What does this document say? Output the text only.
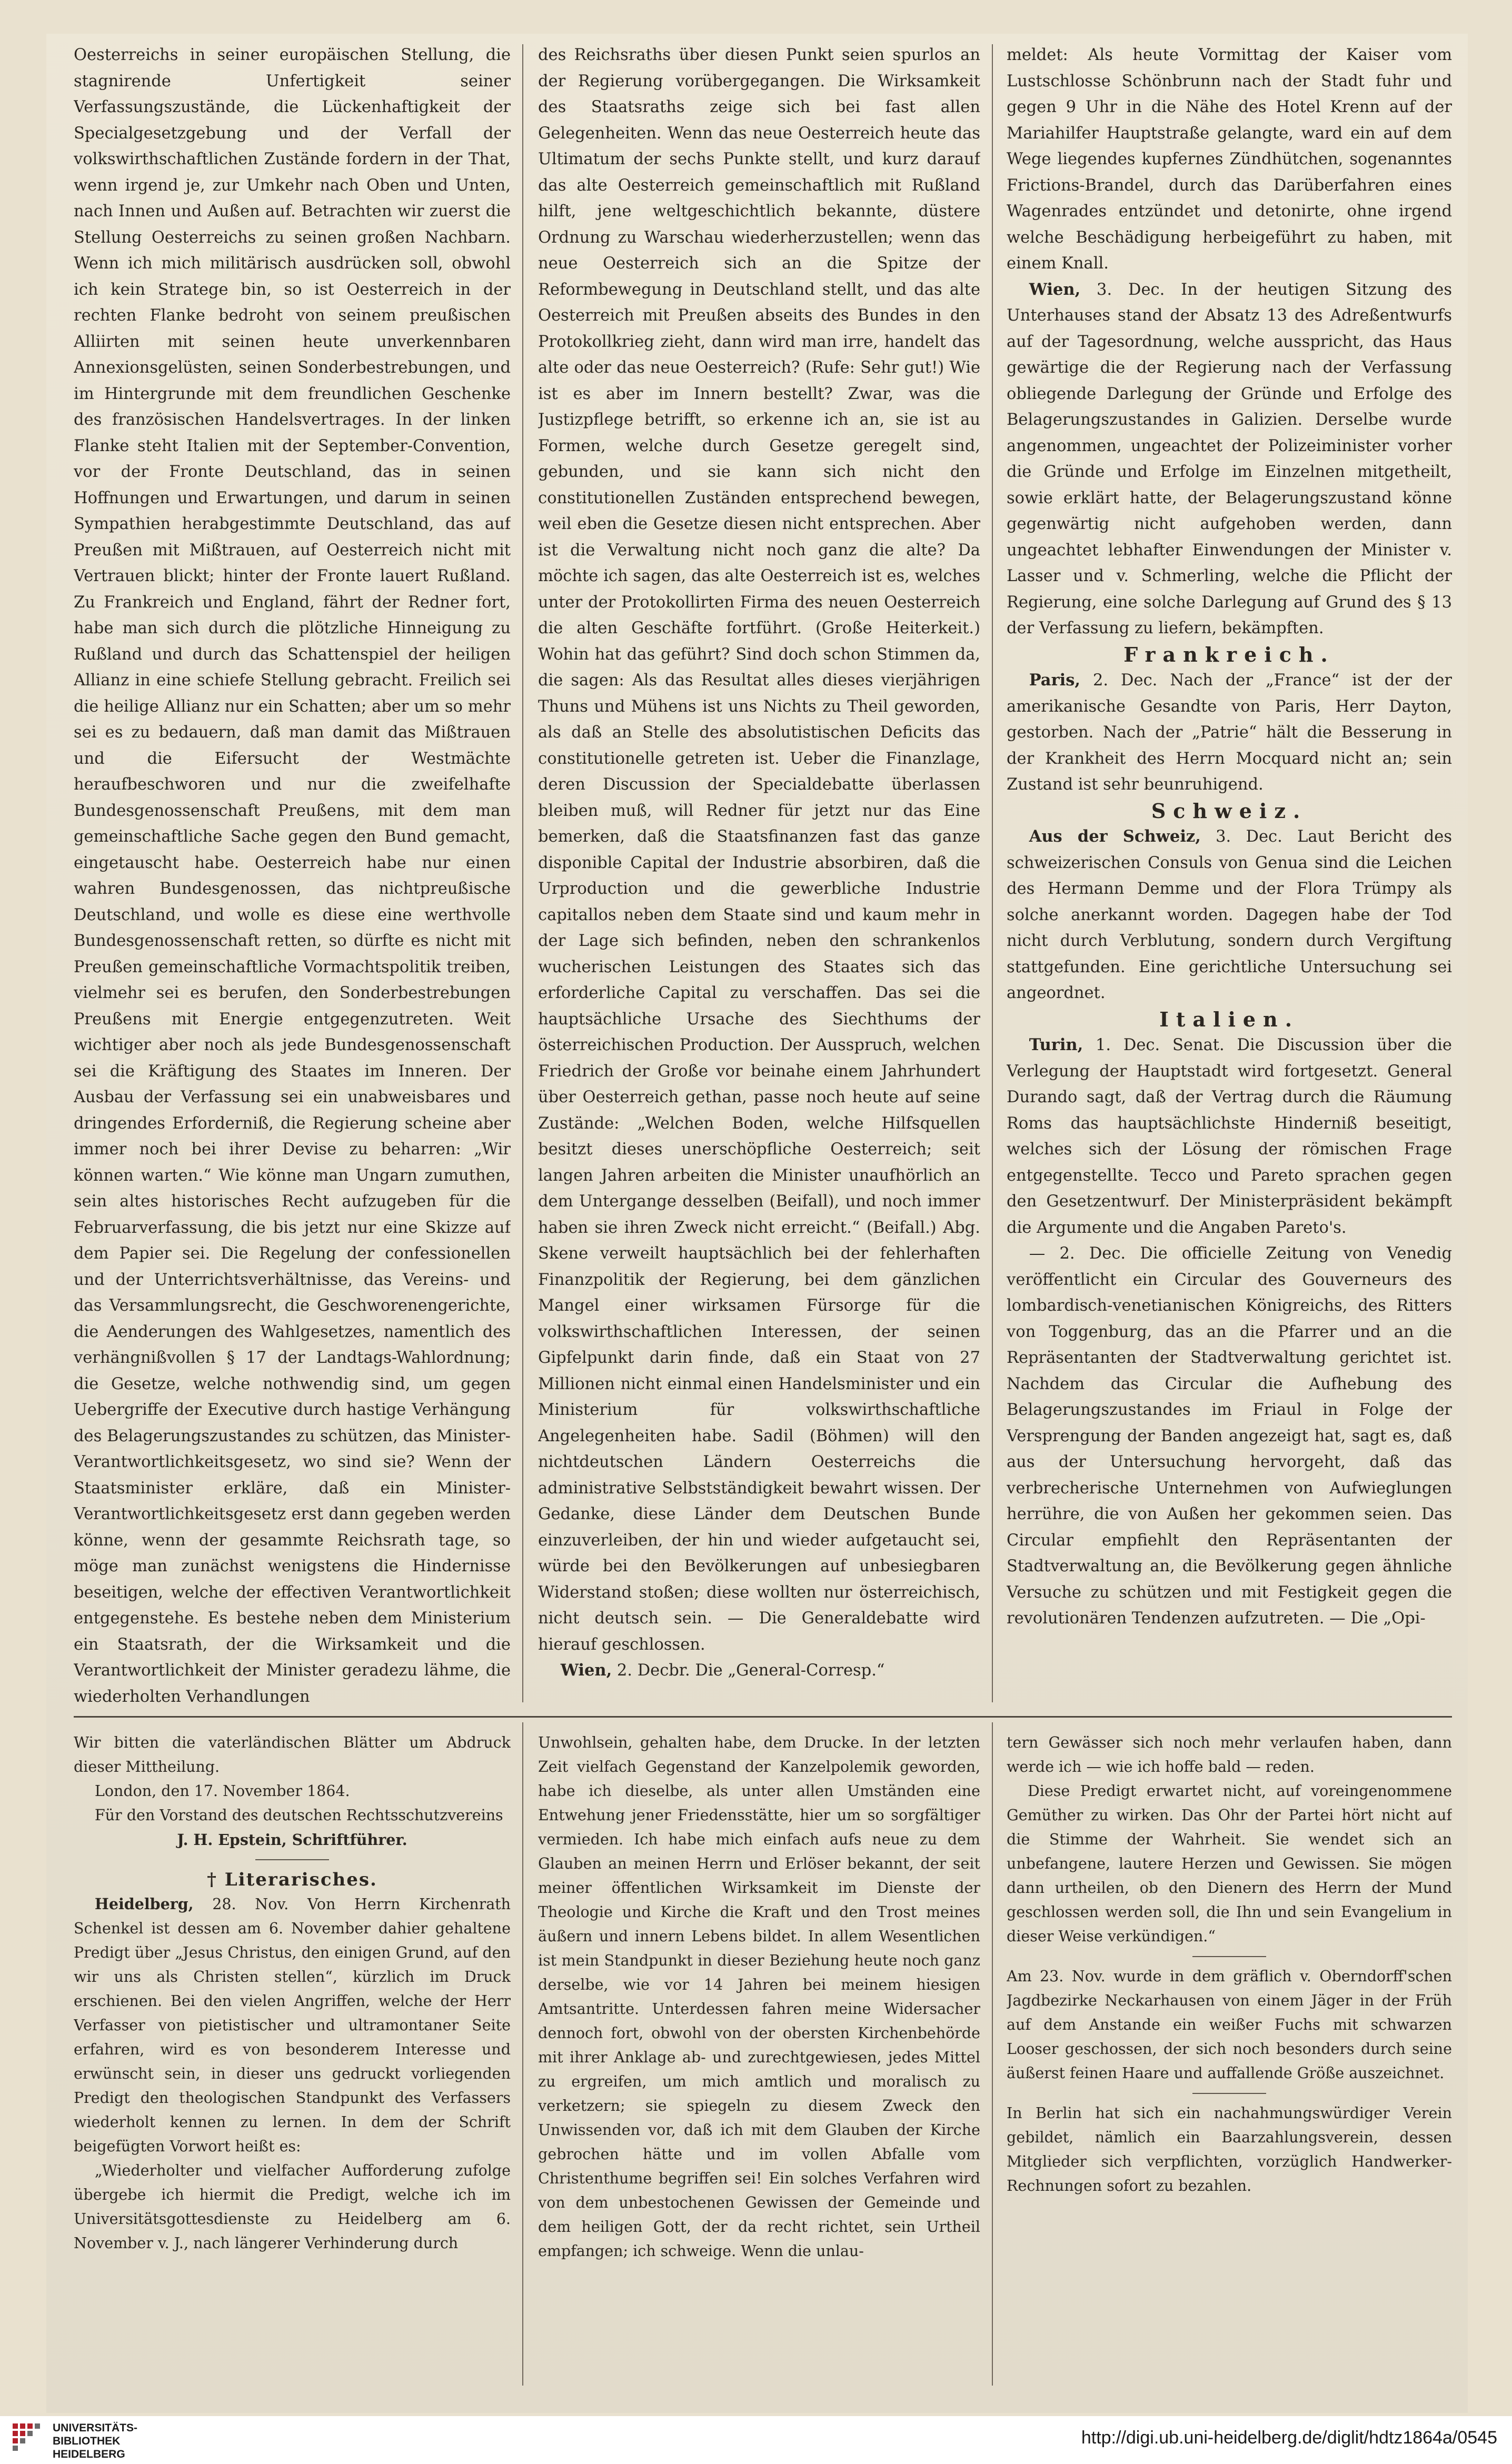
Oesterreichs in seiner europäischen Stellung, die stagnirende Unfertigkeit seiner Verfassungszustände, die Lückenhaftigkeit der Specialgesetzgebung und der Verfall der volkswirthschaftlichen Zustände fordern in der That, wenn irgend je, zur Umkehr nach Oben und Unten, nach Innen und Außen auf. Betrachten wir zuerst die Stellung Oesterreichs zu seinen großen Nachbarn. Wenn ich mich militärisch ausdrücken soll, obwohl ich kein Stratege bin, so ist Oesterreich in der rechten Flanke bedroht von seinem preußischen Alliirten mit seinen heute unverkennbaren Annexionsgelüsten, seinen Sonderbestrebungen, und im Hintergrunde mit dem freundlichen Geschenke des französischen Handelsvertrages. In der linken Flanke steht Italien mit der September-Convention, vor der Fronte Deutschland, das in seinen Hoffnungen und Erwartungen, und darum in seinen Sympathien herabgestimmte Deutschland, das auf Preußen mit Mißtrauen, auf Oesterreich nicht mit Vertrauen blickt; hinter der Fronte lauert Rußland. Zu Frankreich und England, fährt der Redner fort, habe man sich durch die plötzliche Hinneigung zu Rußland und durch das Schattenspiel der heiligen Allianz in eine schiefe Stellung gebracht. Freilich sei die heilige Allianz nur ein Schatten; aber um so mehr sei es zu bedauern, daß man damit das Mißtrauen und die Eifersucht der Westmächte heraufbeschworen und nur die zweifelhafte Bundesgenossenschaft Preußens, mit dem man gemeinschaftliche Sache gegen den Bund gemacht, eingetauscht habe. Oesterreich habe nur einen wahren Bundesgenossen, das nichtpreußische Deutschland, und wolle es diese eine werthvolle Bundesgenossenschaft retten, so dürfte es nicht mit Preußen gemeinschaftliche Vormachtspolitik treiben, vielmehr sei es berufen, den Sonderbestrebungen Preußens mit Energie entgegenzutreten. Weit wichtiger aber noch als jede Bundesgenossenschaft sei die Kräftigung des Staates im Inneren. Der Ausbau der Verfassung sei ein unabweisbares und dringendes Erforderniß, die Regierung scheine aber immer noch bei ihrer Devise zu beharren: „Wir können warten.“ Wie könne man Ungarn zumuthen, sein altes historisches Recht aufzugeben für die Februarverfassung, die bis jetzt nur eine Skizze auf dem Papier sei. Die Regelung der confessionellen und der Unterrichtsverhältnisse, das Vereins- und das Versammlungsrecht, die Geschworenengerichte, die Aenderungen des Wahlgesetzes, namentlich des verhängnißvollen § 17 der Landtags-Wahlordnung; die Gesetze, welche nothwendig sind, um gegen Uebergriffe der Executive durch hastige Verhängung des Belagerungszustandes zu schützen, das Minister-Verantwortlichkeitsgesetz, wo sind sie? Wenn der Staatsminister erkläre, daß ein Minister-Verantwortlichkeitsgesetz erst dann gegeben werden könne, wenn der gesammte Reichsrath tage, so möge man zunächst wenigstens die Hindernisse beseitigen, welche der effectiven Verantwortlichkeit entgegenstehe. Es bestehe neben dem Ministerium ein Staatsrath, der die Wirksamkeit und die Verantwortlichkeit der Minister geradezu lähme, die wiederholten Verhandlungen

des Reichsraths über diesen Punkt seien spurlos an der Regierung vorübergegangen. Die Wirksamkeit des Staatsraths zeige sich bei fast allen Gelegenheiten. Wenn das neue Oesterreich heute das Ultimatum der sechs Punkte stellt, und kurz darauf das alte Oesterreich gemeinschaftlich mit Rußland hilft, jene weltgeschichtlich bekannte, düstere Ordnung zu Warschau wiederherzustellen; wenn das neue Oesterreich sich an die Spitze der Reformbewegung in Deutschland stellt, und das alte Oesterreich mit Preußen abseits des Bundes in den Protokollkrieg zieht, dann wird man irre, handelt das alte oder das neue Oesterreich? (Rufe: Sehr gut!) Wie ist es aber im Innern bestellt? Zwar, was die Justizpflege betrifft, so erkenne ich an, sie ist au Formen, welche durch Gesetze geregelt sind, gebunden, und sie kann sich nicht den constitutionellen Zuständen entsprechend bewegen, weil eben die Gesetze diesen nicht entsprechen. Aber ist die Verwaltung nicht noch ganz die alte? Da möchte ich sagen, das alte Oesterreich ist es, welches unter der Protokollirten Firma des neuen Oesterreich die alten Geschäfte fortführt. (Große Heiterkeit.) Wohin hat das geführt? Sind doch schon Stimmen da, die sagen: Als das Resultat alles dieses vierjährigen Thuns und Mühens ist uns Nichts zu Theil geworden, als daß an Stelle des absolutistischen Deficits das constitutionelle getreten ist. Ueber die Finanzlage, deren Discussion der Specialdebatte überlassen bleiben muß, will Redner für jetzt nur das Eine bemerken, daß die Staatsfinanzen fast das ganze disponible Capital der Industrie absorbiren, daß die Urproduction und die gewerbliche Industrie capitallos neben dem Staate sind und kaum mehr in der Lage sich befinden, neben den schrankenlos wucherischen Leistungen des Staates sich das erforderliche Capital zu verschaffen. Das sei die hauptsächliche Ursache des Siechthums der österreichischen Production. Der Ausspruch, welchen Friedrich der Große vor beinahe einem Jahrhundert über Oesterreich gethan, passe noch heute auf seine Zustände: „Welchen Boden, welche Hilfsquellen besitzt dieses unerschöpfliche Oesterreich; seit langen Jahren arbeiten die Minister unaufhörlich an dem Untergange desselben (Beifall), und noch immer haben sie ihren Zweck nicht erreicht.“ (Beifall.) Abg. Skene verweilt hauptsächlich bei der fehlerhaften Finanzpolitik der Regierung, bei dem gänzlichen Mangel einer wirksamen Fürsorge für die volkswirthschaftlichen Interessen, der seinen Gipfelpunkt darin finde, daß ein Staat von 27 Millionen nicht einmal einen Handelsminister und ein Ministerium für volkswirthschaftliche Angelegenheiten habe. Sadil (Böhmen) will den nichtdeutschen Ländern Oesterreichs die administrative Selbstständigkeit bewahrt wissen. Der Gedanke, diese Länder dem Deutschen Bunde einzuverleiben, der hin und wieder aufgetaucht sei, würde bei den Bevölkerungen auf unbesiegbaren Widerstand stoßen; diese wollten nur österreichisch, nicht deutsch sein. — Die Generaldebatte wird hierauf geschlossen.

Wien, 2. Decbr. Die „General-Corresp.“

meldet: Als heute Vormittag der Kaiser vom Lustschlosse Schönbrunn nach der Stadt fuhr und gegen 9 Uhr in die Nähe des Hotel Krenn auf der Mariahilfer Hauptstraße gelangte, ward ein auf dem Wege liegendes kupfernes Zündhütchen, sogenanntes Frictions-Brandel, durch das Darüberfahren eines Wagenrades entzündet und detonirte, ohne irgend welche Beschädigung herbeigeführt zu haben, mit einem Knall.

Wien, 3. Dec. In der heutigen Sitzung des Unterhauses stand der Absatz 13 des Adreßentwurfs auf der Tagesordnung, welche ausspricht, das Haus gewärtige die der Regierung nach der Verfassung obliegende Darlegung der Gründe und Erfolge des Belagerungszustandes in Galizien. Derselbe wurde angenommen, ungeachtet der Polizeiminister vorher die Gründe und Erfolge im Einzelnen mitgetheilt, sowie erklärt hatte, der Belagerungszustand könne gegenwärtig nicht aufgehoben werden, dann ungeachtet lebhafter Einwendungen der Minister v. Lasser und v. Schmerling, welche die Pflicht der Regierung, eine solche Darlegung auf Grund des § 13 der Verfassung zu liefern, bekämpften.

Frankreich.

Paris, 2. Dec. Nach der „France“ ist der der amerikanische Gesandte von Paris, Herr Dayton, gestorben. Nach der „Patrie“ hält die Besserung in der Krankheit des Herrn Mocquard nicht an; sein Zustand ist sehr beunruhigend.

Schweiz.

Aus der Schweiz, 3. Dec. Laut Bericht des schweizerischen Consuls von Genua sind die Leichen des Hermann Demme und der Flora Trümpy als solche anerkannt worden. Dagegen habe der Tod nicht durch Verblutung, sondern durch Vergiftung stattgefunden. Eine gerichtliche Untersuchung sei angeordnet.

Italien.

Turin, 1. Dec. Senat. Die Discussion über die Verlegung der Hauptstadt wird fortgesetzt. General Durando sagt, daß der Vertrag durch die Räumung Roms das hauptsächlichste Hinderniß beseitigt, welches sich der Lösung der römischen Frage entgegenstellte. Tecco und Pareto sprachen gegen den Gesetzentwurf. Der Ministerpräsident bekämpft die Argumente und die Angaben Pareto's.

— 2. Dec. Die officielle Zeitung von Venedig veröffentlicht ein Circular des Gouverneurs des lombardisch-venetianischen Königreichs, des Ritters von Toggenburg, das an die Pfarrer und an die Repräsentanten der Stadtverwaltung gerichtet ist. Nachdem das Circular die Aufhebung des Belagerungszustandes im Friaul in Folge der Versprengung der Banden angezeigt hat, sagt es, daß aus der Untersuchung hervorgeht, daß das verbrecherische Unternehmen von Aufwieglungen herrühre, die von Außen her gekommen seien. Das Circular empfiehlt den Repräsentanten der Stadtverwaltung an, die Bevölkerung gegen ähnliche Versuche zu schützen und mit Festigkeit gegen die revolutionären Tendenzen aufzutreten. — Die „Opi-

Wir bitten die vaterländischen Blätter um Abdruck dieser Mittheilung.

London, den 17. November 1864.

Für den Vorstand des deutschen Rechtsschutzvereins

J. H. Epstein, Schriftführer.

† Literarisches.

Heidelberg, 28. Nov. Von Herrn Kirchenrath Schenkel ist dessen am 6. November dahier gehaltene Predigt über „Jesus Christus, den einigen Grund, auf den wir uns als Christen stellen“, kürzlich im Druck erschienen. Bei den vielen Angriffen, welche der Herr Verfasser von pietistischer und ultramontaner Seite erfahren, wird es von besonderem Interesse und erwünscht sein, in dieser uns gedruckt vorliegenden Predigt den theologischen Standpunkt des Verfassers wiederholt kennen zu lernen. In dem der Schrift beigefügten Vorwort heißt es:

„Wiederholter und vielfacher Aufforderung zufolge übergebe ich hiermit die Predigt, welche ich im Universitätsgottesdienste zu Heidelberg am 6. November v. J., nach längerer Verhinderung durch

Unwohlsein, gehalten habe, dem Drucke. In der letzten Zeit vielfach Gegenstand der Kanzelpolemik geworden, habe ich dieselbe, als unter allen Umständen eine Entwehung jener Friedensstätte, hier um so sorgfältiger vermieden. Ich habe mich einfach aufs neue zu dem Glauben an meinen Herrn und Erlöser bekannt, der seit meiner öffentlichen Wirksamkeit im Dienste der Theologie und Kirche die Kraft und den Trost meines äußern und innern Lebens bildet. In allem Wesentlichen ist mein Standpunkt in dieser Beziehung heute noch ganz derselbe, wie vor 14 Jahren bei meinem hiesigen Amtsantritte. Unterdessen fahren meine Widersacher dennoch fort, obwohl von der obersten Kirchenbehörde mit ihrer Anklage ab- und zurechtgewiesen, jedes Mittel zu ergreifen, um mich amtlich und moralisch zu verketzern; sie spiegeln zu diesem Zweck den Unwissenden vor, daß ich mit dem Glauben der Kirche gebrochen hätte und im vollen Abfalle vom Christenthume begriffen sei! Ein solches Verfahren wird von dem unbestochenen Gewissen der Gemeinde und dem heiligen Gott, der da recht richtet, sein Urtheil empfangen; ich schweige. Wenn die unlau-

tern Gewässer sich noch mehr verlaufen haben, dann werde ich — wie ich hoffe bald — reden.

Diese Predigt erwartet nicht, auf voreingenommene Gemüther zu wirken. Das Ohr der Partei hört nicht auf die Stimme der Wahrheit. Sie wendet sich an unbefangene, lautere Herzen und Gewissen. Sie mögen dann urtheilen, ob den Dienern des Herrn der Mund geschlossen werden soll, die Ihn und sein Evangelium in dieser Weise verkündigen.“

Am 23. Nov. wurde in dem gräflich v. Oberndorff'schen Jagdbezirke Neckarhausen von einem Jäger in der Früh auf dem Anstande ein weißer Fuchs mit schwarzen Looser geschossen, der sich noch besonders durch seine äußerst feinen Haare und auffallende Größe auszeichnet.

In Berlin hat sich ein nachahmungswürdiger Verein gebildet, nämlich ein Baarzahlungsverein, dessen Mitglieder sich verpflichten, vorzüglich Handwerker-Rechnungen sofort zu bezahlen.

UNIVERSITÄTS-
BIBLIOTHEK
HEIDELBERG
http://digi.ub.uni-heidelberg.de/diglit/hdtz1864a/0545
